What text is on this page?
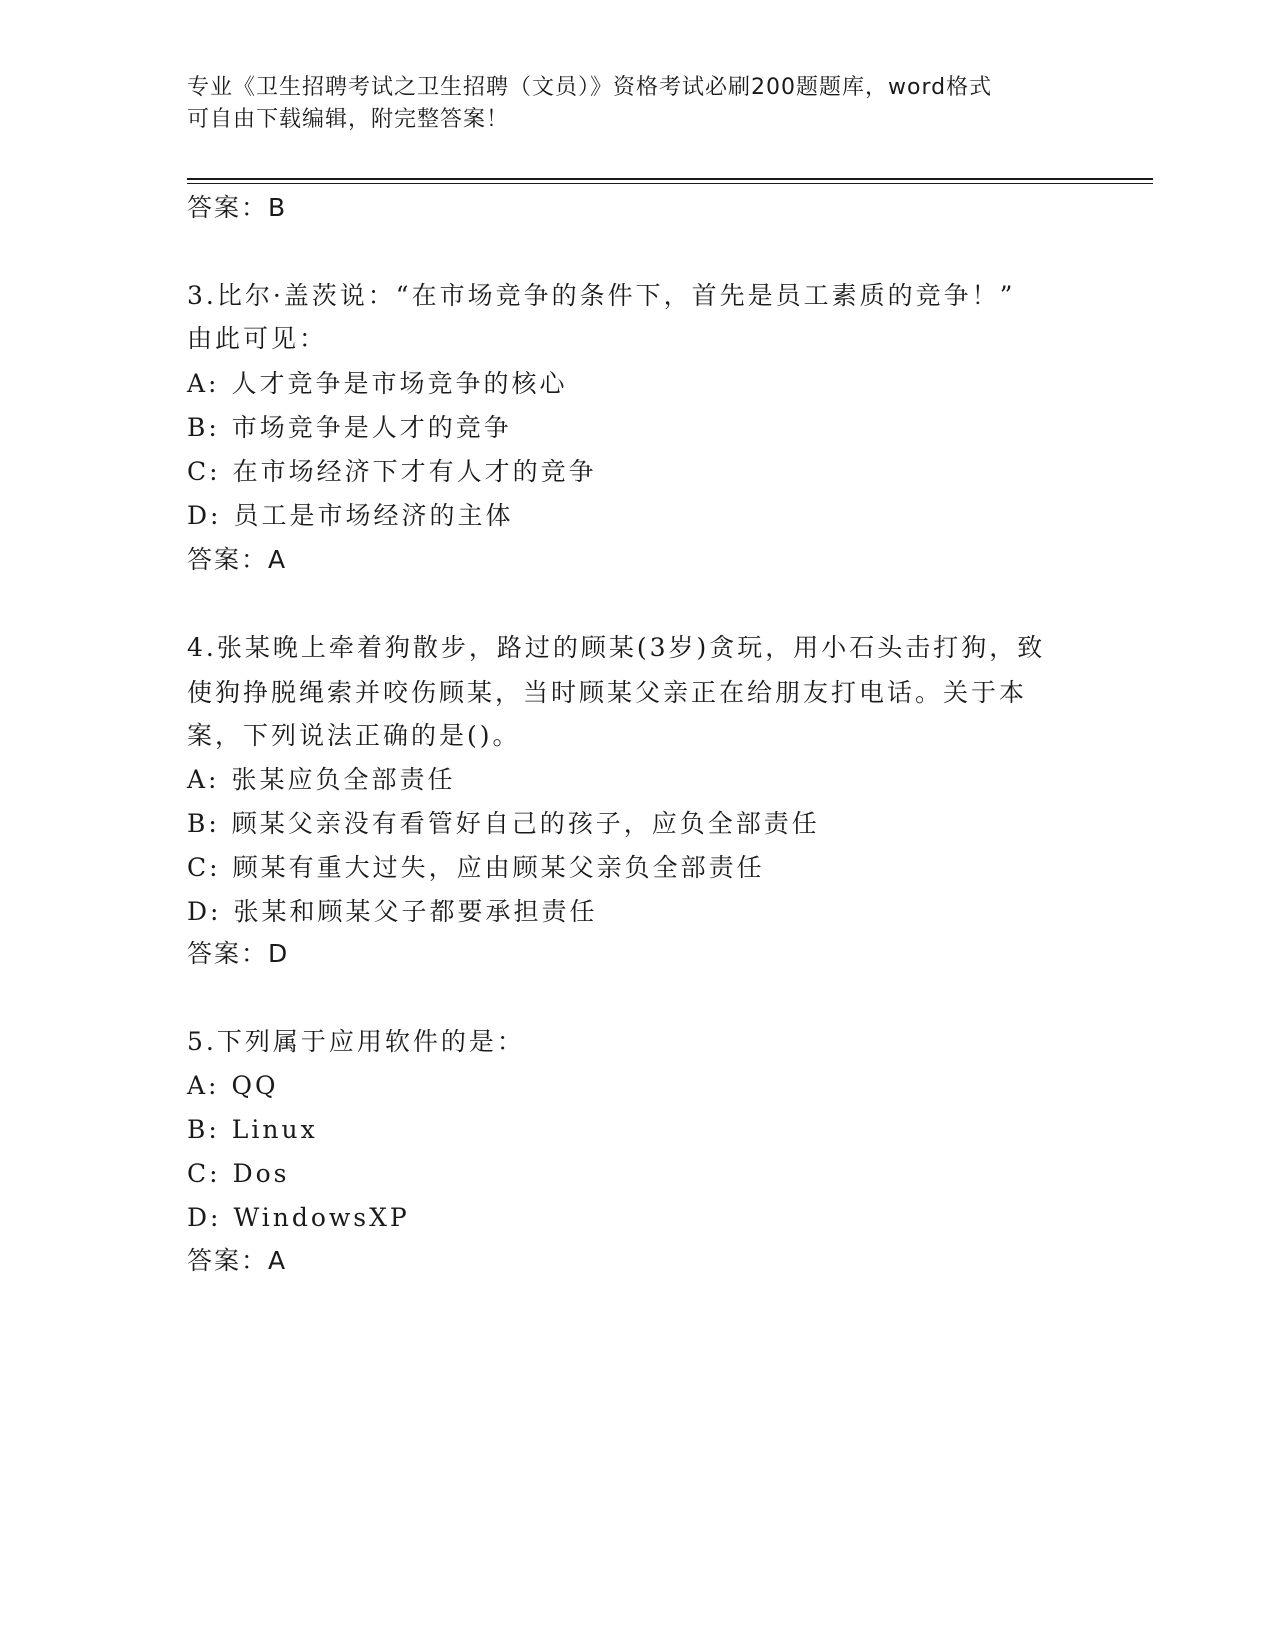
专业《卫生招聘考试之卫生招聘（文员）》资格考试必刷200题题库，word格式
可自由下载编辑，附完整答案！
答案：B
3.比尔·盖茨说：“在市场竞争的条件下，首先是员工素质的竞争！”
由此可见：
A: 人才竞争是市场竞争的核心
B: 市场竞争是人才的竞争
C: 在市场经济下才有人才的竞争
D: 员工是市场经济的主体
答案：A
4.张某晚上牵着狗散步，路过的顾某(3岁)贪玩，用小石头击打狗，致
使狗挣脱绳索并咬伤顾某，当时顾某父亲正在给朋友打电话。关于本
案，下列说法正确的是()。
A: 张某应负全部责任
B: 顾某父亲没有看管好自己的孩子，应负全部责任
C: 顾某有重大过失，应由顾某父亲负全部责任
D: 张某和顾某父子都要承担责任
答案：D
5.下列属于应用软件的是：
A: QQ
B: Linux
C: Dos
D: WindowsXP
答案：A
